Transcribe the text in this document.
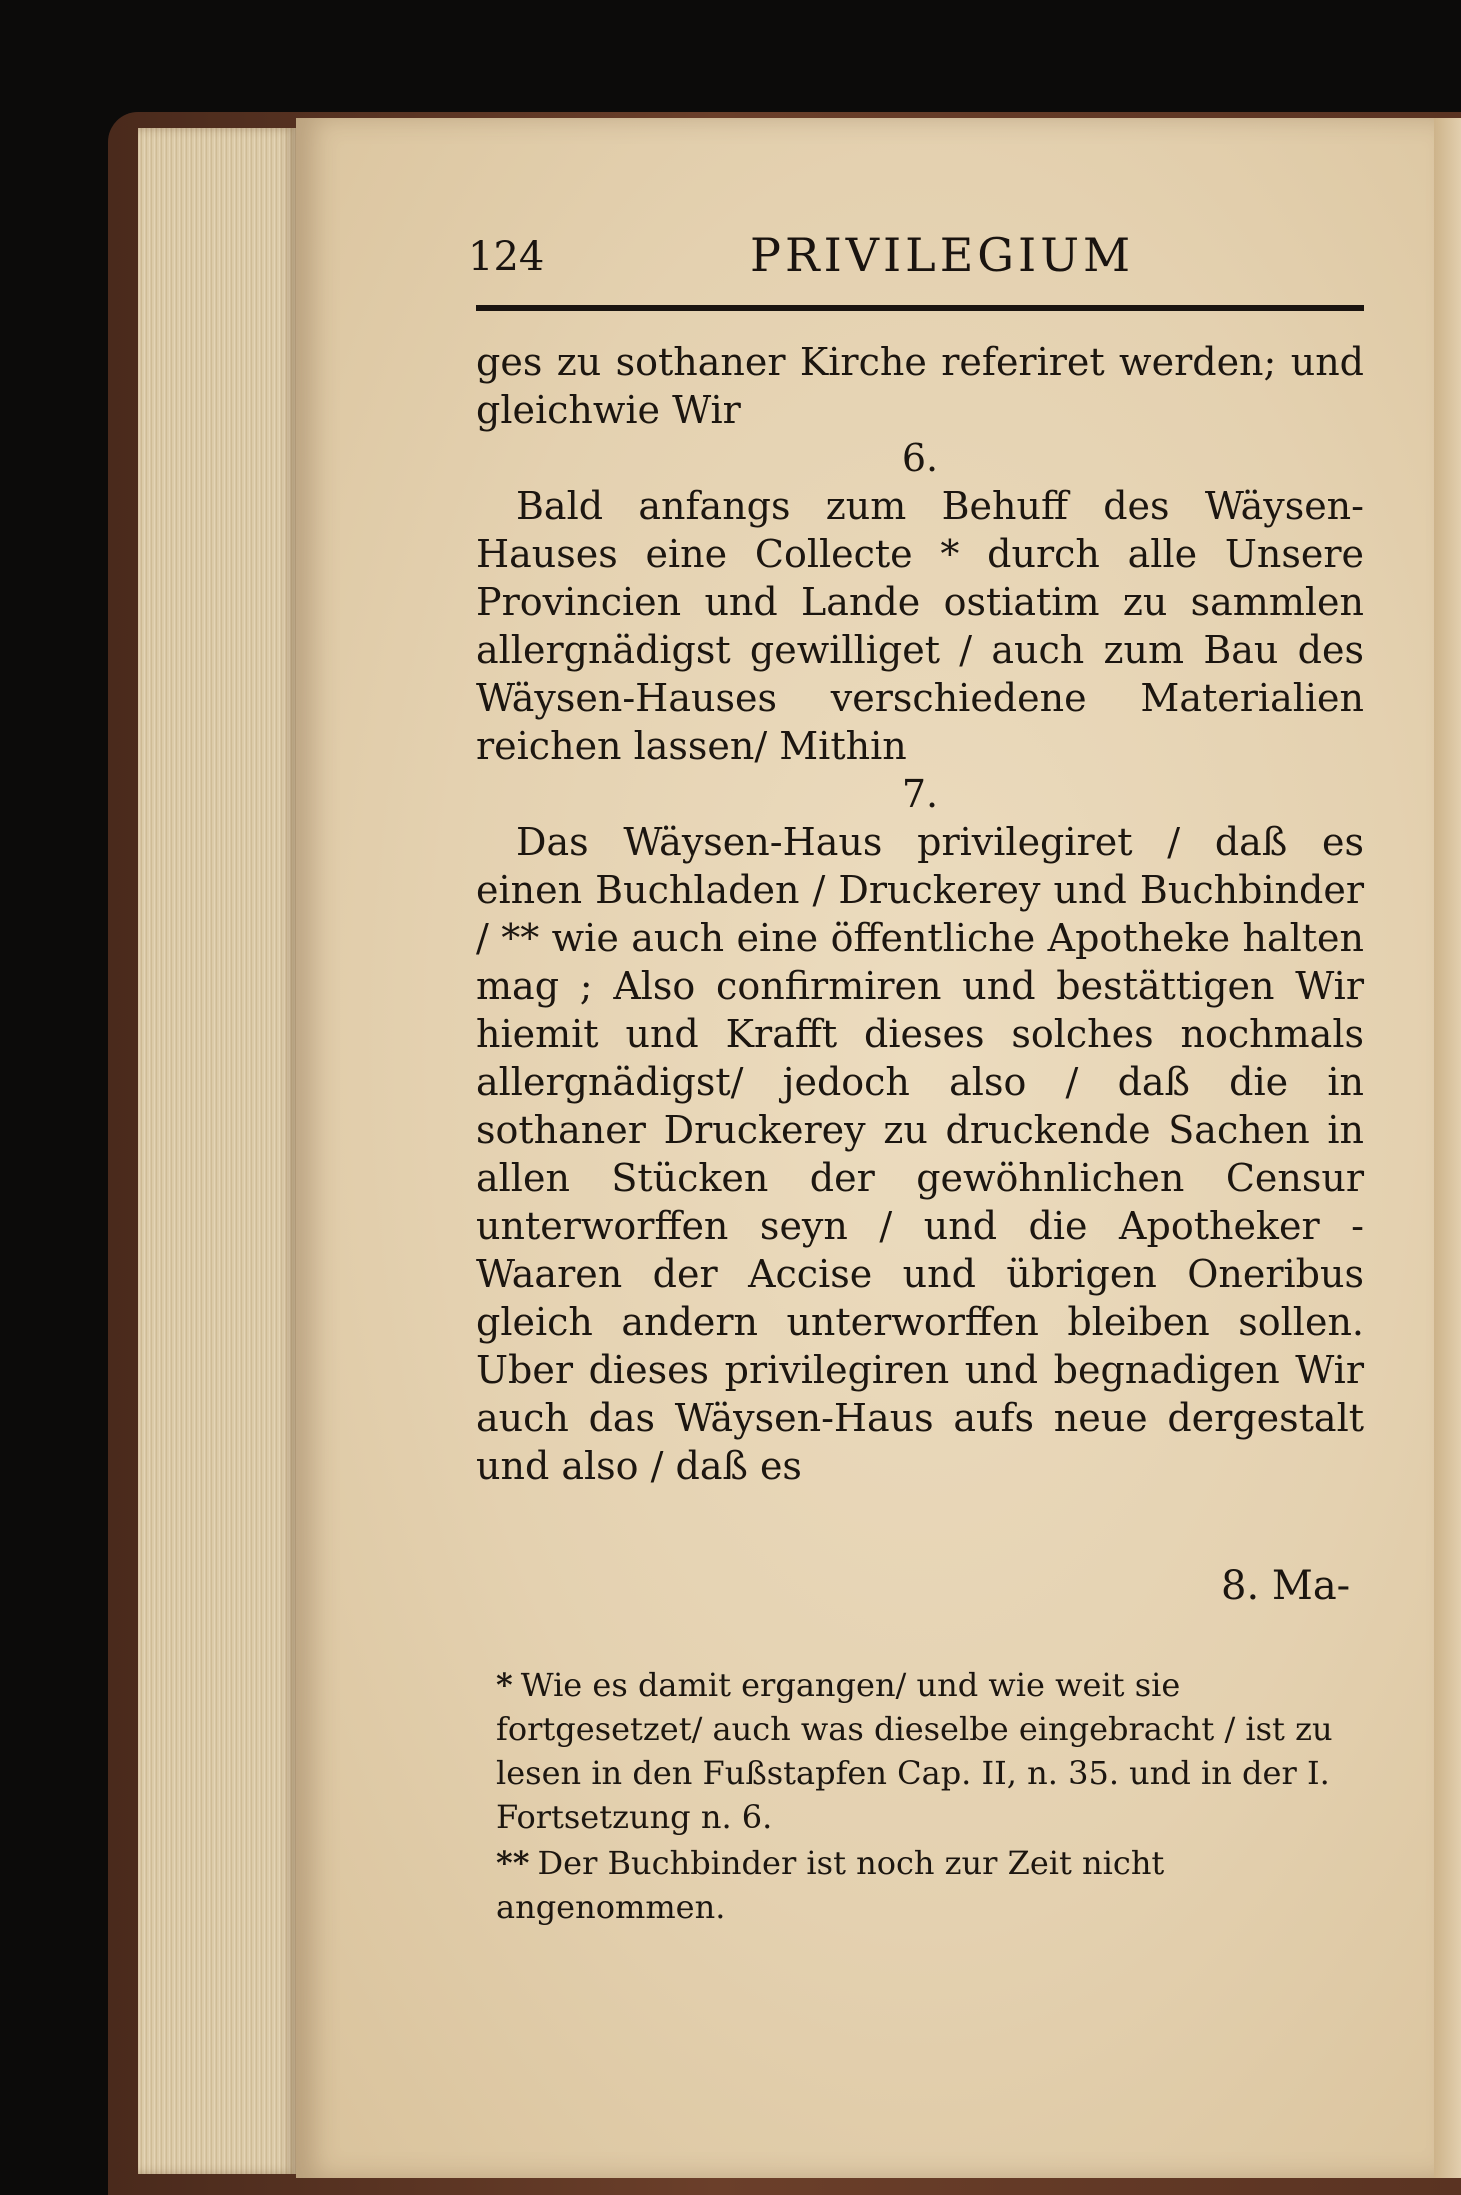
124	PRIVILEGIUM

ges zu sothaner Kirche referiret werden; und gleichwie Wir

6.

Bald anfangs zum Behuff des Wäysen-Hauses eine Collecte * durch alle Unsere Provincien und Lande ostiatim zu sammlen allergnädigst gewilliget / auch zum Bau des Wäysen-Hauses verschiedene Materialien reichen lassen/ Mithin

7.

Das Wäysen-Haus privilegiret / daß es einen Buchladen / Druckerey und Buchbinder / ** wie auch eine öffentliche Apotheke halten mag ; Also confirmiren und bestättigen Wir hiemit und Krafft dieses solches nochmals allergnädigst/ jedoch also / daß die in sothaner Druckerey zu druckende Sachen in allen Stücken der gewöhnlichen Censur unterworffen seyn / und die Apotheker - Waaren der Accise und übrigen Oneribus gleich andern unterworffen bleiben sollen. Uber dieses privilegiren und begnadigen Wir auch das Wäysen-Haus aufs neue dergestalt und also / daß es

8. Ma-

* Wie es damit ergangen/ und wie weit sie fortgesetzet/ auch was dieselbe eingebracht / ist zu lesen in den Fußstapfen Cap. II, n. 35. und in der I. Fortsetzung n. 6.

** Der Buchbinder ist noch zur Zeit nicht angenommen.
